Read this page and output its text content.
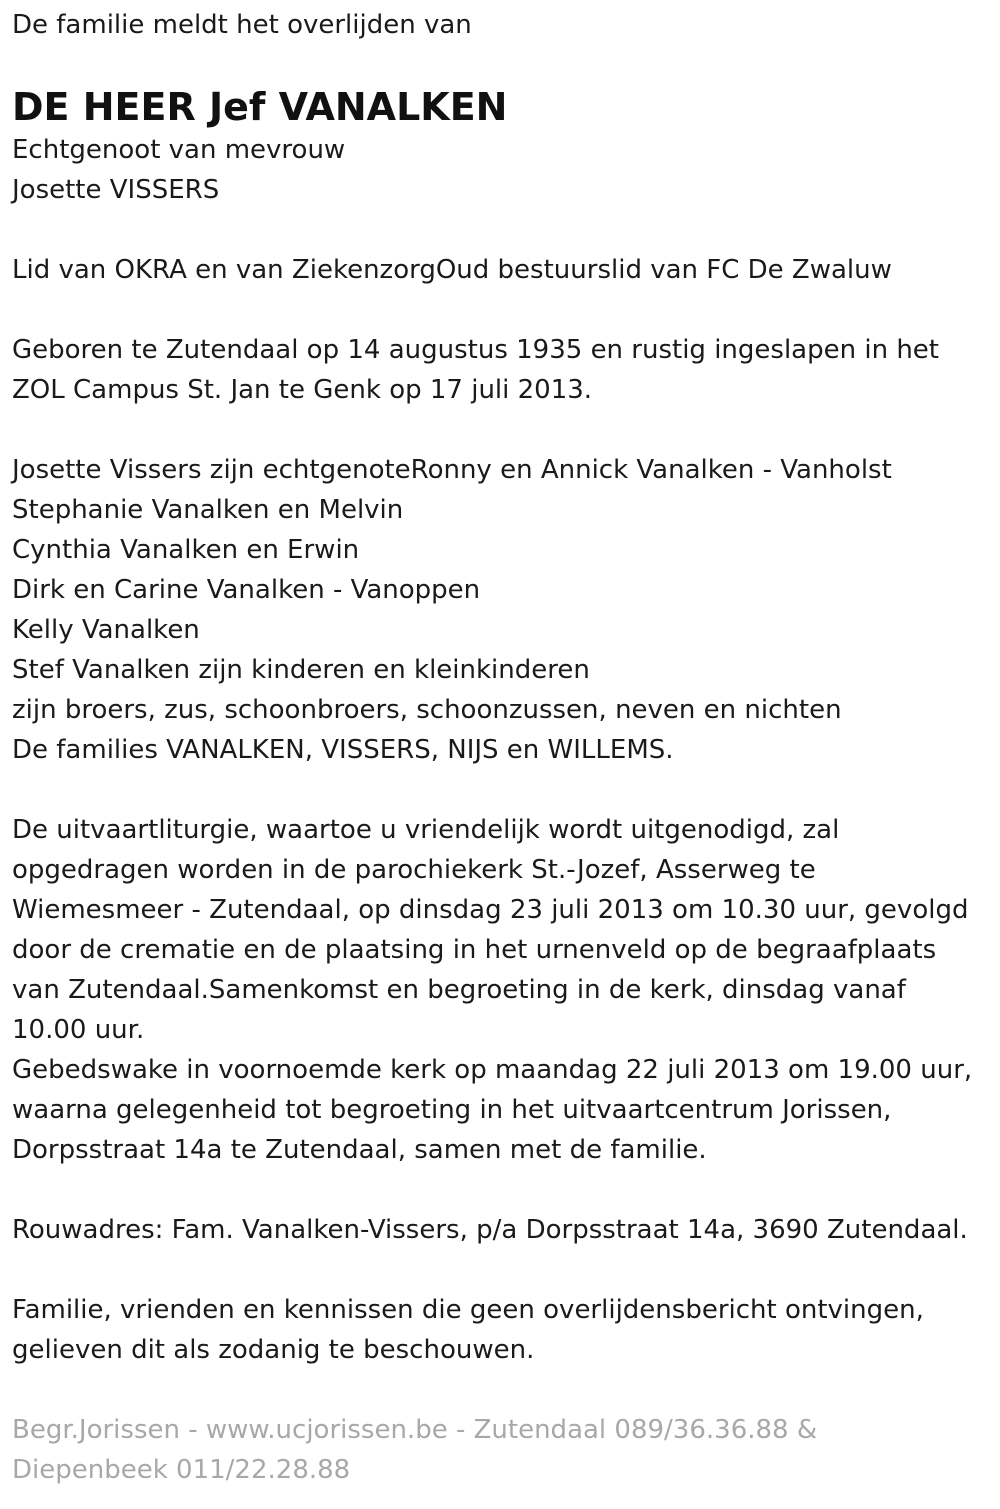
De familie meldt het overlijden van

DE HEER Jef VANALKEN

Echtgenoot van mevrouw

Josette VISSERS

Lid van OKRA en van ZiekenzorgOud bestuurslid van FC De Zwaluw

Geboren te Zutendaal op 14 augustus 1935 en rustig ingeslapen in het

ZOL Campus St. Jan te Genk op 17 juli 2013.

Josette Vissers zijn echtgenoteRonny en Annick Vanalken - Vanholst

Stephanie Vanalken en Melvin

Cynthia Vanalken en Erwin

Dirk en Carine Vanalken - Vanoppen

Kelly Vanalken

Stef Vanalken zijn kinderen en kleinkinderen

zijn broers, zus, schoonbroers, schoonzussen, neven en nichten

De families VANALKEN, VISSERS, NIJS en WILLEMS.

De uitvaartliturgie, waartoe u vriendelijk wordt uitgenodigd, zal

opgedragen worden in de parochiekerk St.-Jozef, Asserweg te

Wiemesmeer - Zutendaal, op dinsdag 23 juli 2013 om 10.30 uur, gevolgd

door de crematie en de plaatsing in het urnenveld op de begraafplaats

van Zutendaal.Samenkomst en begroeting in de kerk, dinsdag vanaf

10.00 uur.

Gebedswake in voornoemde kerk op maandag 22 juli 2013 om 19.00 uur,

waarna gelegenheid tot begroeting in het uitvaartcentrum Jorissen,

Dorpsstraat 14a te Zutendaal, samen met de familie.

Rouwadres: Fam. Vanalken-Vissers, p/a Dorpsstraat 14a, 3690 Zutendaal.

Familie, vrienden en kennissen die geen overlijdensbericht ontvingen,

gelieven dit als zodanig te beschouwen.

Begr.Jorissen - www.ucjorissen.be - Zutendaal 089/36.36.88 &

Diepenbeek 011/22.28.88
